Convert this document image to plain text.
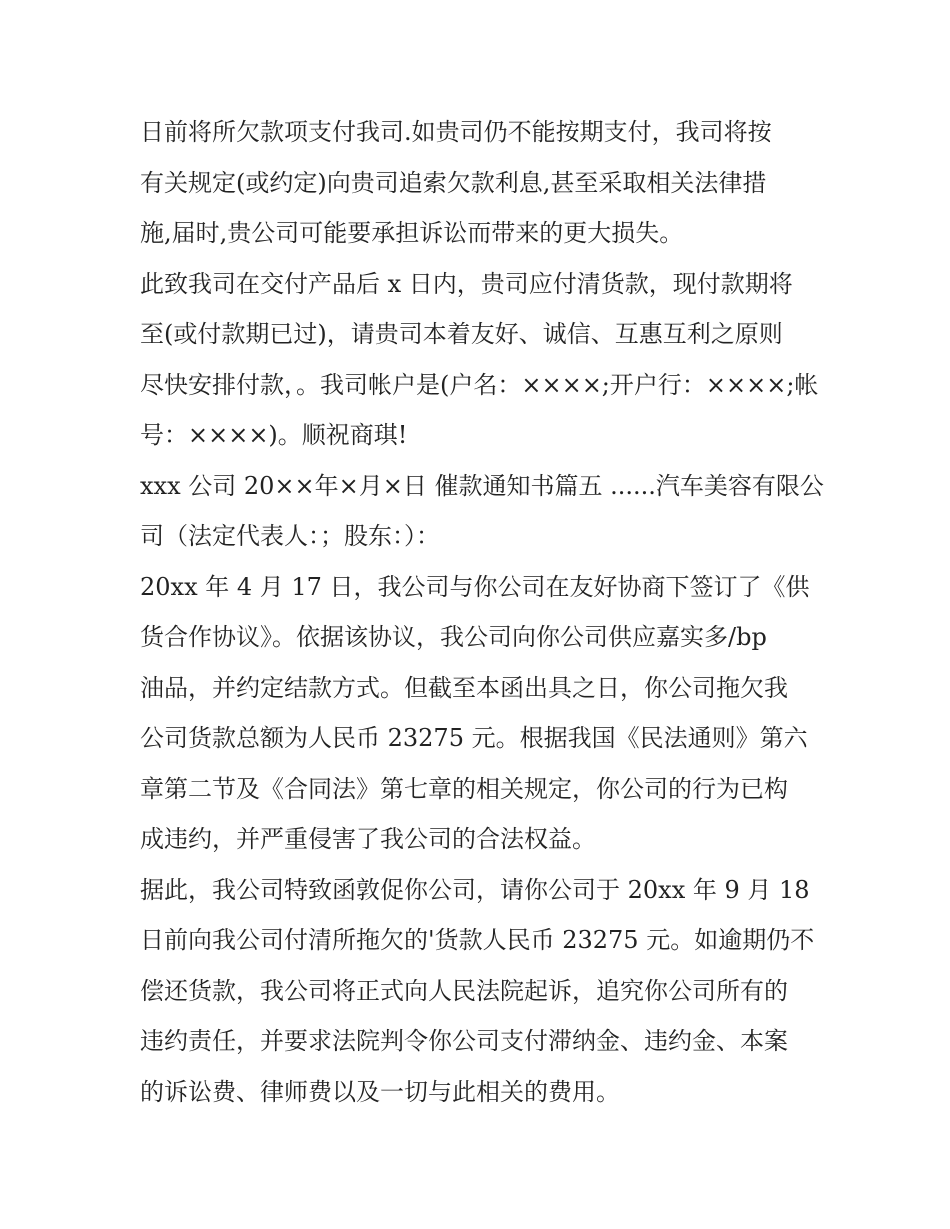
日前将所欠款项支付我司.如贵司仍不能按期支付，我司将按
有关规定(或约定)向贵司追索欠款利息,甚至采取相关法律措
施,届时,贵公司可能要承担诉讼而带来的更大损失。
此致我司在交付产品后 x 日内，贵司应付清货款，现付款期将
至(或付款期已过)，请贵司本着友好、诚信、互惠互利之原则
尽快安排付款，。我司帐户是(户名：××××;开户行：××××;帐
号：××××)。顺祝商琪!
xxx 公司 20××年×月×日 催款通知书篇五 ......汽车美容有限公
司（法定代表人：；股东：）：
20xx 年 4 月 17 日，我公司与你公司在友好协商下签订了《供
货合作协议》。依据该协议，我公司向你公司供应嘉实多/bp
油品，并约定结款方式。但截至本函出具之日，你公司拖欠我
公司货款总额为人民币 23275 元。根据我国《民法通则》第六
章第二节及《合同法》第七章的相关规定，你公司的行为已构
成违约，并严重侵害了我公司的合法权益。
据此，我公司特致函敦促你公司，请你公司于 20xx 年 9 月 18
日前向我公司付清所拖欠的'货款人民币 23275 元。如逾期仍不
偿还货款，我公司将正式向人民法院起诉，追究你公司所有的
违约责任，并要求法院判令你公司支付滞纳金、违约金、本案
的诉讼费、律师费以及一切与此相关的费用。
